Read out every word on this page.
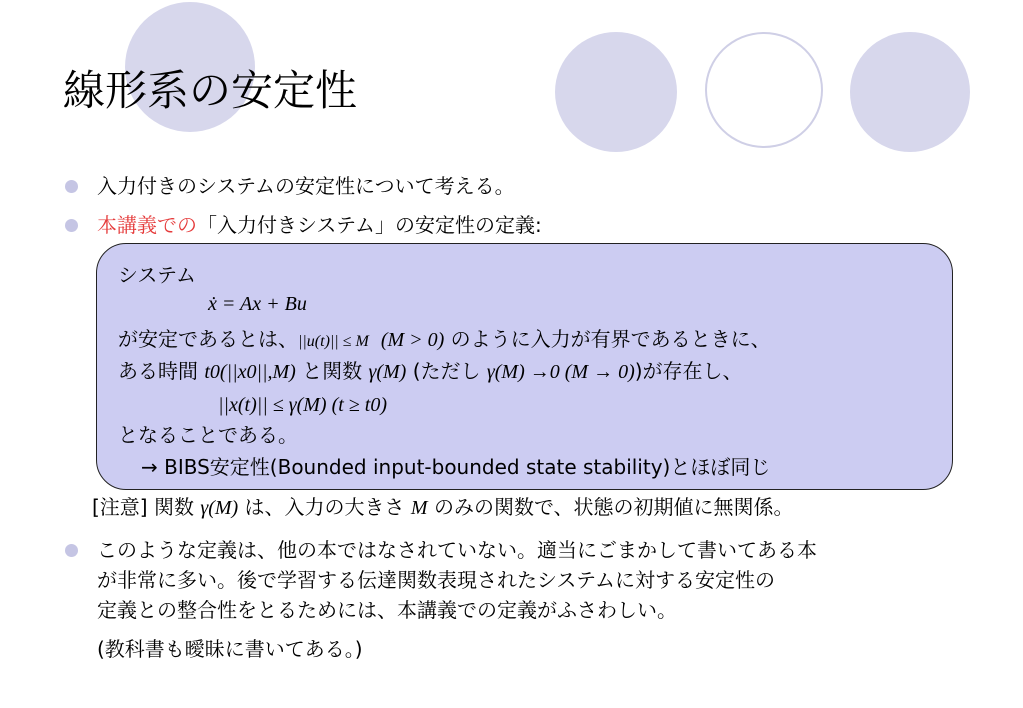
線形系の安定性
入力付きのシステムの安定性について考える。
本講義での「入力付きシステム」の安定性の定義:
システム
ẋ = Ax + Bu
が安定であるとは、||u(t)|| ≤ M (M > 0) のように入力が有界であるときに、
ある時間 t0(||x0||,M) と関数 γ(M) (ただし γ(M) →0 (M → 0))が存在し、
||x(t)|| ≤ γ(M) (t ≥ t0)
となることである。
→ BIBS安定性(Bounded input-bounded state stability)とほぼ同じ
[注意] 関数 γ(M) は、入力の大きさ M のみの関数で、状態の初期値に無関係。
このような定義は、他の本ではなされていない。適当にごまかして書いてある本
が非常に多い。後で学習する伝達関数表現されたシステムに対する安定性の
定義との整合性をとるためには、本講義での定義がふさわしい。
(教科書も曖昧に書いてある。)
